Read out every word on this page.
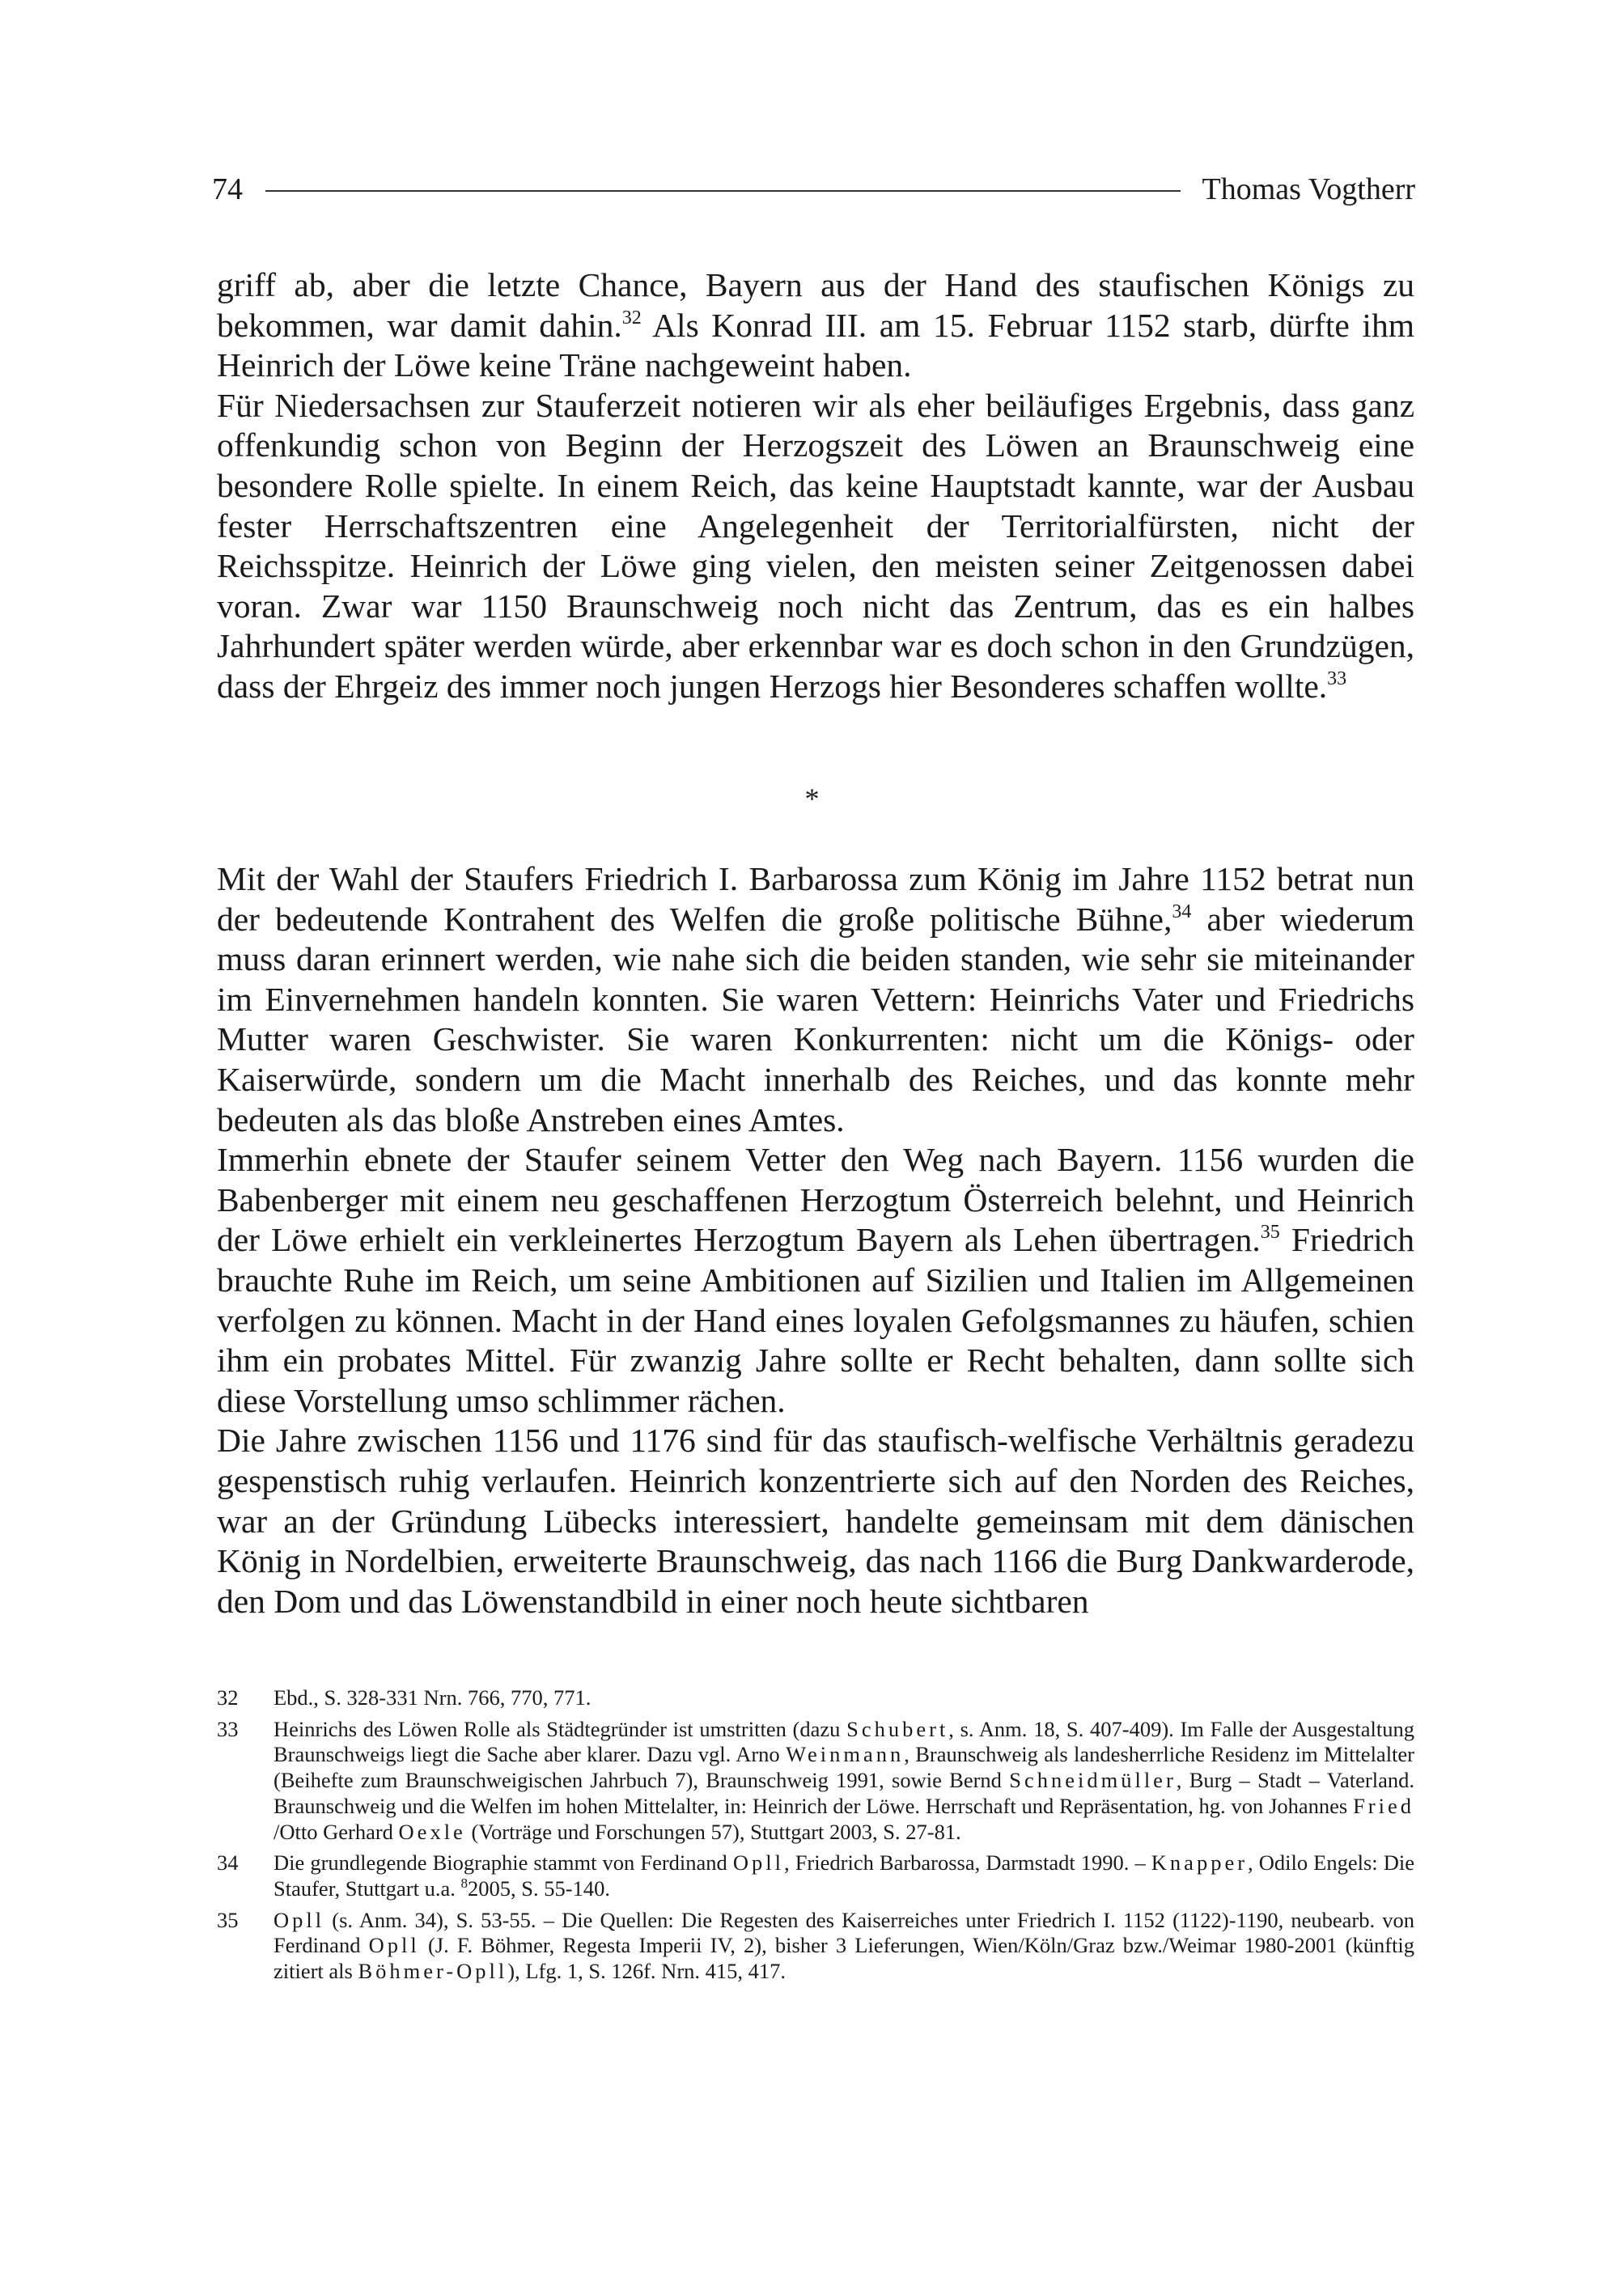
74	Thomas Vogtherr

griff ab, aber die letzte Chance, Bayern aus der Hand des staufischen Königs zu bekommen, war damit dahin.$^{32}$ Als Konrad III. am 15. Februar 1152 starb, dürfte ihm Heinrich der Löwe keine Träne nachgeweint haben.

Für Niedersachsen zur Stauferzeit notieren wir als eher beiläufiges Ergebnis, dass ganz offenkundig schon von Beginn der Herzogszeit des Löwen an Braunschweig eine besondere Rolle spielte. In einem Reich, das keine Hauptstadt kannte, war der Ausbau fester Herrschaftszentren eine Angelegenheit der Territorialfürsten, nicht der Reichsspitze. Heinrich der Löwe ging vielen, den meisten seiner Zeitgenossen dabei voran. Zwar war 1150 Braunschweig noch nicht das Zentrum, das es ein halbes Jahrhundert später werden würde, aber erkennbar war es doch schon in den Grundzügen, dass der Ehrgeiz des immer noch jungen Herzogs hier Besonderes schaffen wollte.$^{33}$

*

Mit der Wahl der Staufers Friedrich I. Barbarossa zum König im Jahre 1152 betrat nun der bedeutende Kontrahent des Welfen die große politische Bühne,$^{34}$ aber wiederum muss daran erinnert werden, wie nahe sich die beiden standen, wie sehr sie miteinander im Einvernehmen handeln konnten. Sie waren Vettern: Heinrichs Vater und Friedrichs Mutter waren Geschwister. Sie waren Konkurrenten: nicht um die Königs- oder Kaiserwürde, sondern um die Macht innerhalb des Reiches, und das konnte mehr bedeuten als das bloße Anstreben eines Amtes.

Immerhin ebnete der Staufer seinem Vetter den Weg nach Bayern. 1156 wurden die Babenberger mit einem neu geschaffenen Herzogtum Österreich belehnt, und Heinrich der Löwe erhielt ein verkleinertes Herzogtum Bayern als Lehen übertragen.$^{35}$ Friedrich brauchte Ruhe im Reich, um seine Ambitionen auf Sizilien und Italien im Allgemeinen verfolgen zu können. Macht in der Hand eines loyalen Gefolgsmannes zu häufen, schien ihm ein probates Mittel. Für zwanzig Jahre sollte er Recht behalten, dann sollte sich diese Vorstellung umso schlimmer rächen.

Die Jahre zwischen 1156 und 1176 sind für das staufisch-welfische Verhältnis geradezu gespenstisch ruhig verlaufen. Heinrich konzentrierte sich auf den Norden des Reiches, war an der Gründung Lübecks interessiert, handelte gemeinsam mit dem dänischen König in Nordelbien, erweiterte Braunschweig, das nach 1166 die Burg Dankwarderode, den Dom und das Löwenstandbild in einer noch heute sichtbaren

32	Ebd., S. 328-331 Nrn. 766, 770, 771.
33	Heinrichs des Löwen Rolle als Städtegründer ist umstritten (dazu Schubert, s. Anm. 18, S. 407-409). Im Falle der Ausgestaltung Braunschweigs liegt die Sache aber klarer. Dazu vgl. Arno Weinmann, Braunschweig als landesherrliche Residenz im Mittelalter (Beihefte zum Braunschweigischen Jahrbuch 7), Braunschweig 1991, sowie Bernd Schneidmüller, Burg – Stadt – Vaterland. Braunschweig und die Welfen im hohen Mittelalter, in: Heinrich der Löwe. Herrschaft und Repräsentation, hg. von Johannes Fried /Otto Gerhard Oexle (Vorträge und Forschungen 57), Stuttgart 2003, S. 27-81.
34	Die grundlegende Biographie stammt von Ferdinand Opll, Friedrich Barbarossa, Darmstadt 1990. – Knapper, Odilo Engels: Die Staufer, Stuttgart u.a. $^8$2005, S. 55-140.
35	Opll (s. Anm. 34), S. 53-55. – Die Quellen: Die Regesten des Kaiserreiches unter Friedrich I. 1152 (1122)-1190, neubearb. von Ferdinand Opll (J. F. Böhmer, Regesta Imperii IV, 2), bisher 3 Lieferungen, Wien/Köln/Graz bzw./Weimar 1980-2001 (künftig zitiert als Böhmer-Opll), Lfg. 1, S. 126f. Nrn. 415, 417.
